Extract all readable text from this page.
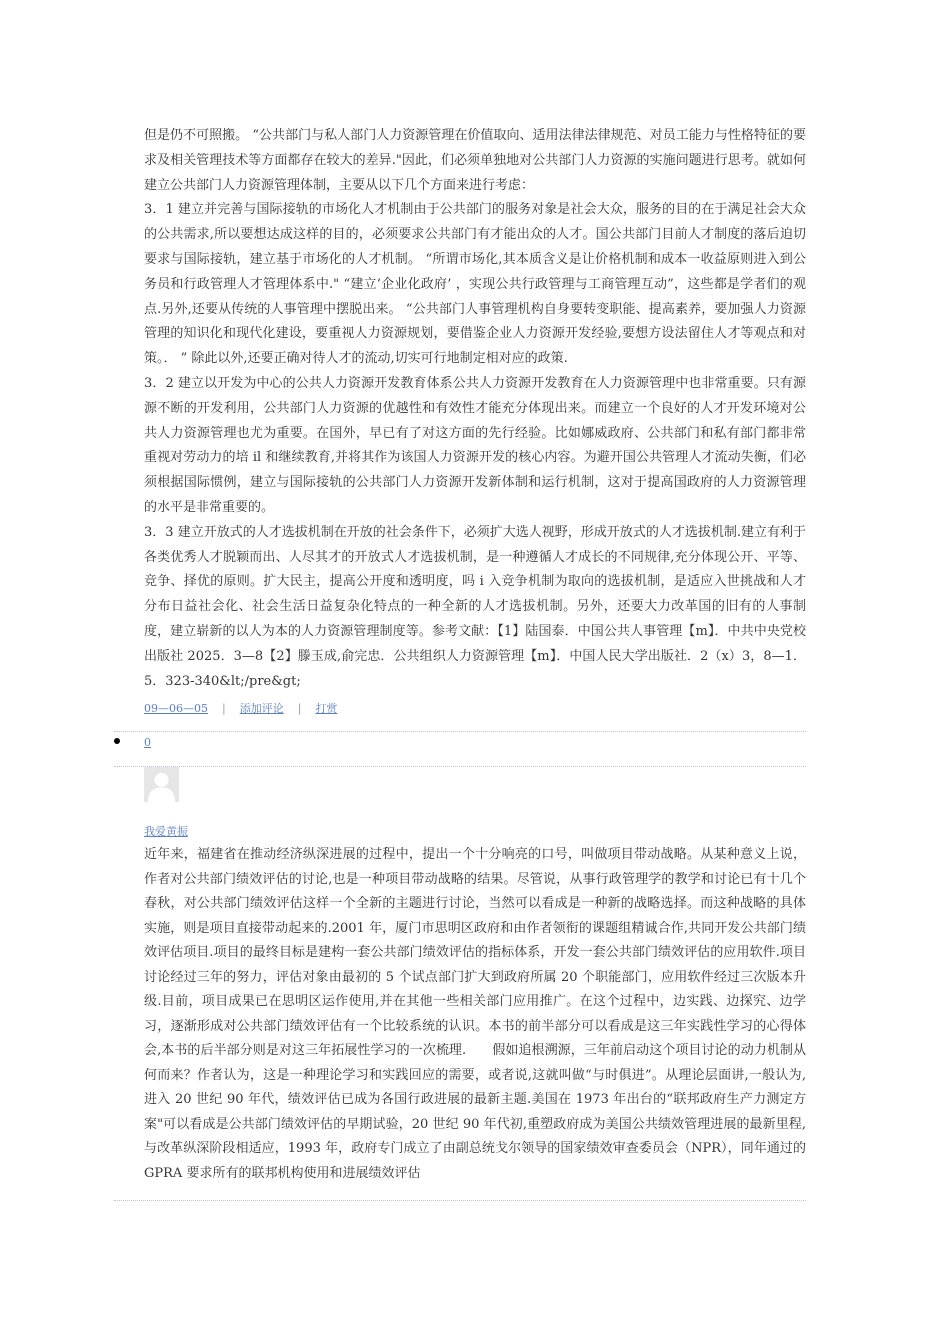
但是仍不可照搬。 “公共部门与私人部门人力资源管理在价值取向、适用法律法律规范、对员工能力与性格特征的要求及相关管理技术等方面都存在较大的差异."因此，们必须单独地对公共部门人力资源的实施问题进行思考。就如何建立公共部门人力资源管理体制，主要从以下几个方面来进行考虑：

3．1 建立并完善与国际接轨的市场化人才机制由于公共部门的服务对象是社会大众，服务的目的在于满足社会大众的公共需求,所以要想达成这样的目的，必须要求公共部门有才能出众的人才。国公共部门目前人才制度的落后迫切要求与国际接轨，建立基于市场化的人才机制。 “所谓市场化,其本质含义是让价格机制和成本一收益原则进入到公务员和行政管理人才管理体系中." “建立‘企业化政府’ ，实现公共行政管理与工商管理互动”，这些都是学者们的观点.另外,还要从传统的人事管理中摆脱出来。 “公共部门人事管理机构自身要转变职能、提高素养，要加强人力资源管理的知识化和现代化建设，要重视人力资源规划，要借鉴企业人力资源开发经验,要想方设法留住人才等观点和对策。． ” 除此以外,还要正确对待人才的流动,切实可行地制定相对应的政策.

3．2 建立以开发为中心的公共人力资源开发教育体系公共人力资源开发教育在人力资源管理中也非常重要。只有源源不断的开发利用，公共部门人力资源的优越性和有效性才能充分体现出来。而建立一个良好的人才开发环境对公共人力资源管理也尤为重要。在国外，早已有了对这方面的先行经验。比如娜威政府、公共部门和私有部门都非常重视对劳动力的培 il 和继续教育,并将其作为该国人力资源开发的核心内容。为避开国公共管理人才流动失衡，们必须根据国际惯例，建立与国际接轨的公共部门人力资源开发新体制和运行机制，这对于提高国政府的人力资源管理的水平是非常重要的。

3．3 建立开放式的人才选拔机制在开放的社会条件下，必须扩大选人视野，形成开放式的人才选拔机制.建立有利于各类优秀人才脱颖而出、人尽其才的开放式人才选拔机制，是一种遵循人才成长的不同规律,充分体现公开、平等、竞争、择优的原则。扩大民主，提高公开度和透明度，吗 i 入竞争机制为取向的选拔机制，是适应入世挑战和人才分布日益社会化、社会生活日益复杂化特点的一种全新的人才选拔机制。另外，还要大力改革国的旧有的人事制度，建立崭新的以人为本的人力资源管理制度等。参考文献：【1】陆国泰．中国公共人事管理【m】．中共中央党校出版社 2025．3—8【2】滕玉成,俞完忠．公共组织人力资源管理【m】．中国人民大学出版社．2（x）3，8—1．5．323-340&lt;/pre&gt;

09—06—05 | 添加评论 | 打赏
0
我爱黄振

近年来，福建省在推动经济纵深进展的过程中，提出一个十分响亮的口号，叫做项目带动战略。从某种意义上说，作者对公共部门绩效评估的讨论,也是一种项目带动战略的结果。尽管说，从事行政管理学的教学和讨论已有十几个春秋，对公共部门绩效评估这样一个全新的主题进行讨论，当然可以看成是一种新的战略选择。而这种战略的具体实施，则是项目直接带动起来的.2001 年，厦门市思明区政府和由作者领衔的课题组精诚合作,共同开发公共部门绩效评估项目.项目的最终目标是建构一套公共部门绩效评估的指标体系，开发一套公共部门绩效评估的应用软件.项目讨论经过三年的努力，评估对象由最初的 5 个试点部门扩大到政府所属 20 个职能部门，应用软件经过三次版本升级.目前，项目成果已在思明区运作使用,并在其他一些相关部门应用推广。在这个过程中，边实践、边探究、边学习，逐渐形成对公共部门绩效评估有一个比较系统的认识。本书的前半部分可以看成是这三年实践性学习的心得体会,本书的后半部分则是对这三年拓展性学习的一次梳理.　　假如追根溯源，三年前启动这个项目讨论的动力机制从何而来？作者认为，这是一种理论学习和实践回应的需要，或者说,这就叫做“与时俱进”。从理论层面讲,一般认为,进入 20 世纪 90 年代，绩效评估已成为各国行政进展的最新主题.美国在 1973 年出台的“联邦政府生产力测定方案"可以看成是公共部门绩效评估的早期试验，20 世纪 90 年代初,重塑政府成为美国公共绩效管理进展的最新里程,与改革纵深阶段相适应，1993 年，政府专门成立了由副总统戈尔领导的国家绩效审查委员会（NPR），同年通过的 GPRA 要求所有的联邦机构使用和进展绩效评估
